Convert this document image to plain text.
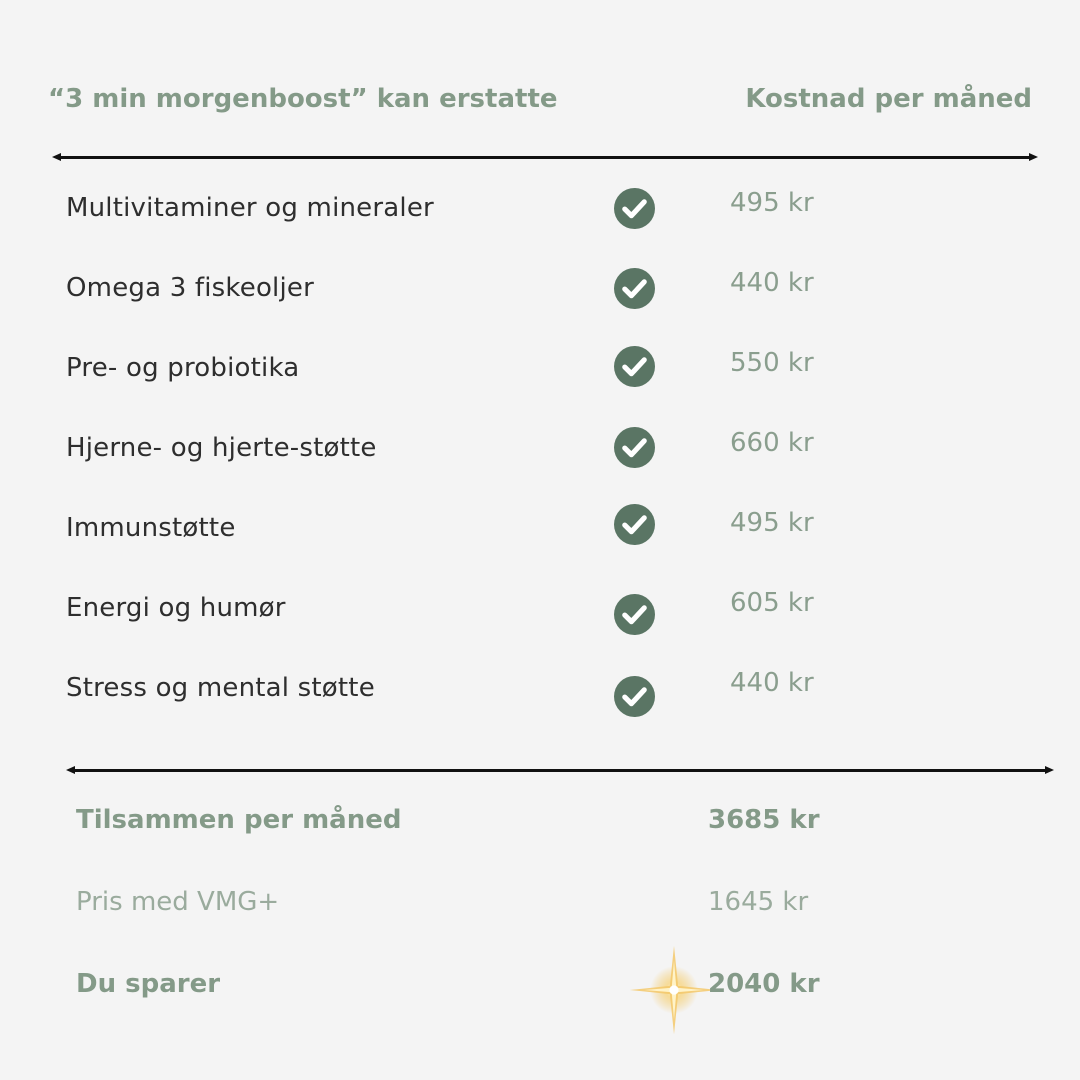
“3 min morgenboost” kan erstatte	Kostnad per måned
Multivitaminer og mineraler	495 kr
Omega 3 fiskeoljer	440 kr
Pre- og probiotika	550 kr
Hjerne- og hjerte-støtte	660 kr
Immunstøtte	495 kr
Energi og humør	605 kr
Stress og mental støtte	440 kr
Tilsammen per måned	3685 kr
Pris med VMG+	1645 kr
Du sparer	2040 kr
